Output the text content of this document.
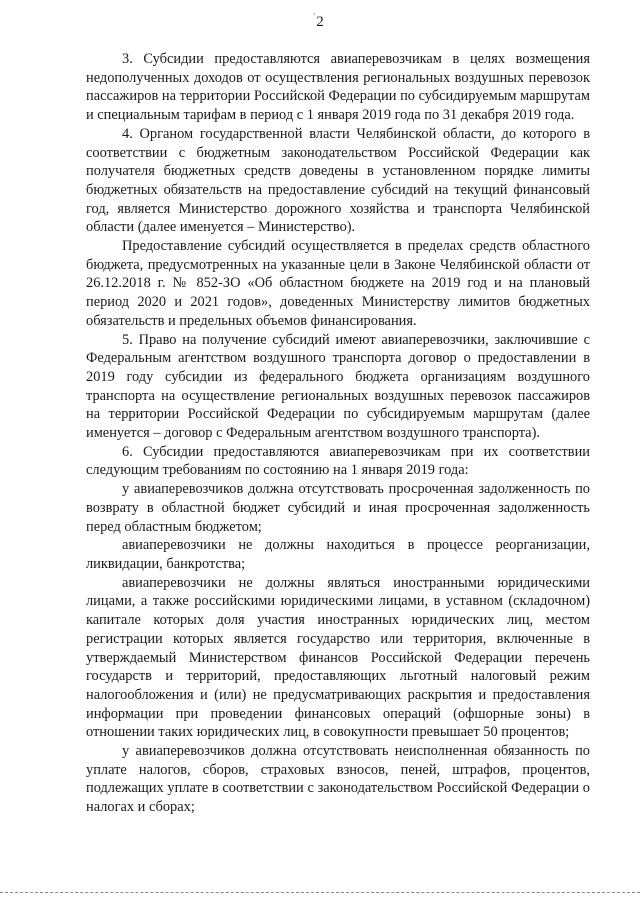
` 2

3. Субсидии предоставляются авиаперевозчикам в целях возмещения недополученных доходов от осуществления региональных воздушных перевозок пассажиров на территории Российской Федерации по субсидируемым маршрутам и специальным тарифам в период с 1 января 2019 года по 31 декабря 2019 года.

4. Органом государственной власти Челябинской области, до которого в соответствии с бюджетным законодательством Российской Федерации как получателя бюджетных средств доведены в установленном порядке лимиты бюджетных обязательств на предоставление субсидий на текущий финансовый год, является Министерство дорожного хозяйства и транспорта Челябинской области (далее именуется – Министерство).

Предоставление субсидий осуществляется в пределах средств областного бюджета, предусмотренных на указанные цели в Законе Челябинской области от 26.12.2018 г. № 852-ЗО «Об областном бюджете на 2019 год и на плановый период 2020 и 2021 годов», доведенных Министерству лимитов бюджетных обязательств и предельных объемов финансирования.

5. Право на получение субсидий имеют авиаперевозчики, заключившие с Федеральным агентством воздушного транспорта договор о предоставлении в 2019 году субсидии из федерального бюджета организациям воздушного транспорта на осуществление региональных воздушных перевозок пассажиров на территории Российской Федерации по субсидируемым маршрутам (далее именуется – договор с Федеральным агентством воздушного транспорта).

6. Субсидии предоставляются авиаперевозчикам при их соответствии следующим требованиям по состоянию на 1 января 2019 года:

у авиаперевозчиков должна отсутствовать просроченная задолженность по возврату в областной бюджет субсидий и иная просроченная задолженность перед областным бюджетом;

авиаперевозчики не должны находиться в процессе реорганизации, ликвидации, банкротства;

авиаперевозчики не должны являться иностранными юридическими лицами, а также российскими юридическими лицами, в уставном (складочном) капитале которых доля участия иностранных юридических лиц, местом регистрации которых является государство или территория, включенные в утверждаемый Министерством финансов Российской Федерации перечень государств и территорий, предоставляющих льготный налоговый режим налогообложения и (или) не предусматривающих раскрытия и предоставления информации при проведении финансовых операций (офшорные зоны) в отношении таких юридических лиц, в совокупности превышает 50 процентов;

у авиаперевозчиков должна отсутствовать неисполненная обязанность по уплате налогов, сборов, страховых взносов, пеней, штрафов, процентов, подлежащих уплате в соответствии с законодательством Российской Федерации о налогах и сборах;
